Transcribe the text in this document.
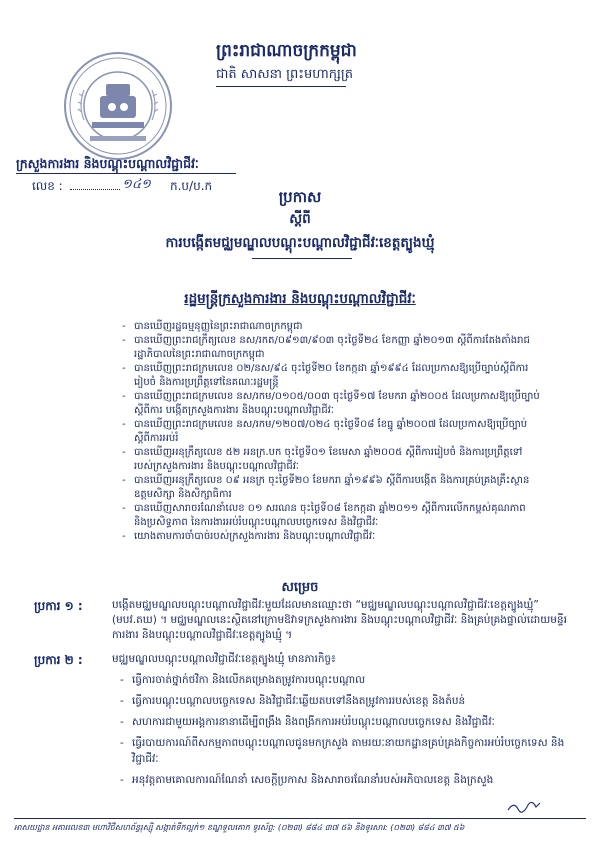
ព្រះរាជាណាចក្រកម្ពុជា
ជាតិ សាសនា ព្រះមហាក្សត្រ
ក្រសួងការងារ និងបណ្តុះបណ្តាលវិជ្ជាជីវៈ
លេខ :	១៤១ ក.ប/ប.ក
ប្រកាស
ស្តីពី
ការបង្កើតមជ្ឈមណ្ឌលបណ្តុះបណ្តាលវិជ្ជាជីវៈខេត្តត្បូងឃ្មុំ
រដ្ឋមន្ត្រីក្រសួងការងារ និងបណ្តុះបណ្តាលវិជ្ជាជីវៈ
- បានឃើញរដ្ឋធម្មនុញ្ញនៃព្រះរាជាណាចក្រកម្ពុជា
- បានឃើញព្រះរាជក្រឹត្យលេខ នស/រកត/០៩១៣/៩០៣ ចុះថ្ងៃទី២៤ ខែកញ្ញា ឆ្នាំ២០១៣ ស្តីពីការតែងតាំងរាជរដ្ឋាភិបាលនៃព្រះរាជាណាចក្រកម្ពុជា
- បានឃើញព្រះរាជក្រមលេខ ០២/នស/៩៤ ចុះថ្ងៃទី២០ ខែកក្កដា ឆ្នាំ១៩៩៤ ដែលប្រកាសឱ្យប្រើច្បាប់ស្តីពីការរៀបចំ និងការប្រព្រឹត្តទៅនៃគណៈរដ្ឋមន្ត្រី
- បានឃើញព្រះរាជក្រមលេខ នស/រកម/០១០៥/០០៣ ចុះថ្ងៃទី១៧ ខែមករា ឆ្នាំ២០០៥ ដែលប្រកាសឱ្យប្រើច្បាប់ស្តីពីការ បង្កើតក្រសួងការងារ និងបណ្តុះបណ្តាលវិជ្ជាជីវៈ
- បានឃើញព្រះរាជក្រមលេខ នស/រកម/១២០៧/០២៤ ចុះថ្ងៃទី០៨ ខែធ្នូ ឆ្នាំ២០០៧ ដែលប្រកាសឱ្យប្រើច្បាប់ស្តីពីការអប់រំ
- បានឃើញអនុក្រឹត្យលេខ ៥២ អនក្រ.បក ចុះថ្ងៃទី០១ ខែមេសា ឆ្នាំ២០០៥ ស្តីពីការរៀបចំ និងការប្រព្រឹត្តទៅរបស់ក្រសួងការងារ និងបណ្តុះបណ្តាលវិជ្ជាជីវៈ
- បានឃើញអនុក្រឹត្យលេខ ០៩ អនក្រ ចុះថ្ងៃទី២០ ខែមករា ឆ្នាំ១៩៩៦ ស្តីពីការបង្កើត និងការគ្រប់គ្រងគ្រឹះស្ថានឧត្តមសិក្សា និងសិក្សាធិការ
- បានឃើញសារាចរណែនាំលេខ ០១ សរណន ចុះថ្ងៃទី០៨ ខែកក្កដា ឆ្នាំ២០១១ ស្តីពីការលើកកម្ពស់គុណភាព និងប្រសិទ្ធភាព នៃការងារអប់រំបណ្តុះបណ្តាលបច្ចេកទេស និងវិជ្ជាជីវៈ
- យោងតាមការចាំបាច់របស់ក្រសួងការងារ និងបណ្តុះបណ្តាលវិជ្ជាជីវៈ
សម្រេច
ប្រការ ១ :	បង្កើតមជ្ឈមណ្ឌលបណ្តុះបណ្តាលវិជ្ជាជីវៈមួយដែលមានឈ្មោះថា “មជ្ឈមណ្ឌលបណ្តុះបណ្តាលវិជ្ជាជីវៈខេត្តត្បូងឃ្មុំ” (មបវ.តឃ) ។ មជ្ឈមណ្ឌលនេះស្ថិតនៅក្រោមឱវាទក្រសួងការងារ និងបណ្តុះបណ្តាលវិជ្ជាជីវៈ និងគ្រប់គ្រងផ្ទាល់ដោយមន្ទីរការងារ និងបណ្តុះបណ្តាលវិជ្ជាជីវៈខេត្តត្បូងឃ្មុំ ។
ប្រការ ២ :	មជ្ឈមណ្ឌលបណ្តុះបណ្តាលវិជ្ជាជីវៈខេត្តត្បូងឃ្មុំ មានភារកិច្ច៖
- ធ្វើការចាត់ថ្នាក់ថវិកា និងលើកគម្រោងតម្រូវការបណ្តុះបណ្តាល
- ធ្វើការបណ្តុះបណ្តាលបច្ចេកទេស និងវិជ្ជាជីវៈឆ្លើយតបទៅនឹងតម្រូវការរបស់ខេត្ត និងតំបន់
- សហការជាមួយអង្គការនានាដើម្បីពង្រឹង និងពង្រីកការអប់រំបណ្តុះបណ្តាលបច្ចេកទេស និងវិជ្ជាជីវៈ
- ធ្វើរបាយការណ៍ពីសកម្មភាពបណ្តុះបណ្តាលជូនមកក្រសួង តាមរយៈនាយកដ្ឋានគ្រប់គ្រងកិច្ចការអប់រំបច្ចេកទេស និងវិជ្ជាជីវៈ
- អនុវត្តតាមគោលការណ៍ណែនាំ សេចក្តីប្រកាស និងសារាចរណែនាំរបស់អភិបាលខេត្ត និងក្រសួង
អាសយដ្ឋាន អគារលេខ៣ មហាវិថីសហព័ន្ធរុស្ស៊ី សង្កាត់ទឹកល្អក់១ ខណ្ឌទួលគោក ទូរស័ព្ទ: (០២៣) ៨៨៤ ៣៧ ៥៦ និងទូរសារ: (០២៣) ៨៨៤ ៣៧ ៥៦
